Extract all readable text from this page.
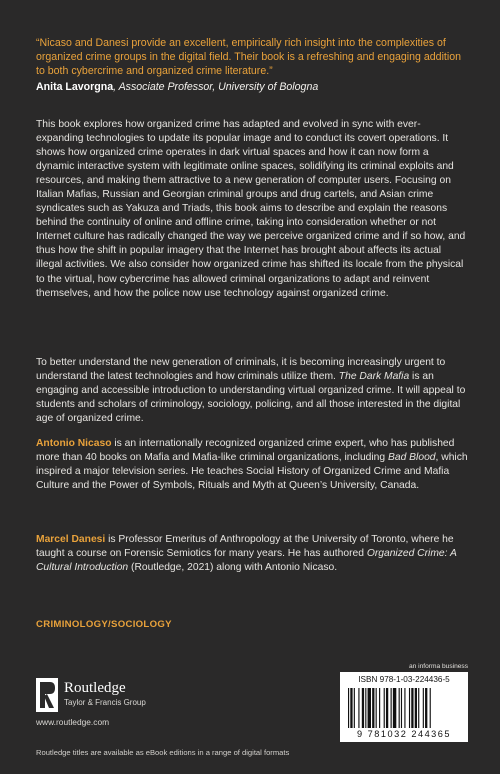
“Nicaso and Danesi provide an excellent, empirically rich insight into the complexities of organized crime groups in the digital field. Their book is a refreshing and engaging addition to both cybercrime and organized crime literature.”
Anita Lavorgna, Associate Professor, University of Bologna

This book explores how organized crime has adapted and evolved in sync with ever-expanding technologies to update its popular image and to conduct its covert operations. It shows how organized crime operates in dark virtual spaces and how it can now form a dynamic interactive system with legitimate online spaces, solidifying its criminal exploits and resources, and making them attractive to a new generation of computer users. Focusing on Italian Mafias, Russian and Georgian criminal groups and drug cartels, and Asian crime syndicates such as Yakuza and Triads, this book aims to describe and explain the reasons behind the continuity of online and offline crime, taking into consideration whether or not Internet culture has radically changed the way we perceive organized crime and if so how, and thus how the shift in popular imagery that the Internet has brought about affects its actual illegal activities. We also consider how organized crime has shifted its locale from the physical to the virtual, how cybercrime has allowed criminal organizations to adapt and reinvent themselves, and how the police now use technology against organized crime.

To better understand the new generation of criminals, it is becoming increasingly urgent to understand the latest technologies and how criminals utilize them. The Dark Mafia is an engaging and accessible introduction to understanding virtual organized crime. It will appeal to students and scholars of criminology, sociology, policing, and all those interested in the digital age of organized crime.

Antonio Nicaso is an internationally recognized organized crime expert, who has published more than 40 books on Mafia and Mafia-like criminal organizations, including Bad Blood, which inspired a major television series. He teaches Social History of Organized Crime and Mafia Culture and the Power of Symbols, Rituals and Myth at Queen’s University, Canada.

Marcel Danesi is Professor Emeritus of Anthropology at the University of Toronto, where he taught a course on Forensic Semiotics for many years. He has authored Organized Crime: A Cultural Introduction (Routledge, 2021) along with Antonio Nicaso.

CRIMINOLOGY/SOCIOLOGY
Routledge
Taylor & Francis Group
www.routledge.com
an informa business
ISBN 978-1-03-224436-5
9 781032 244365
Routledge titles are available as eBook editions in a range of digital formats
